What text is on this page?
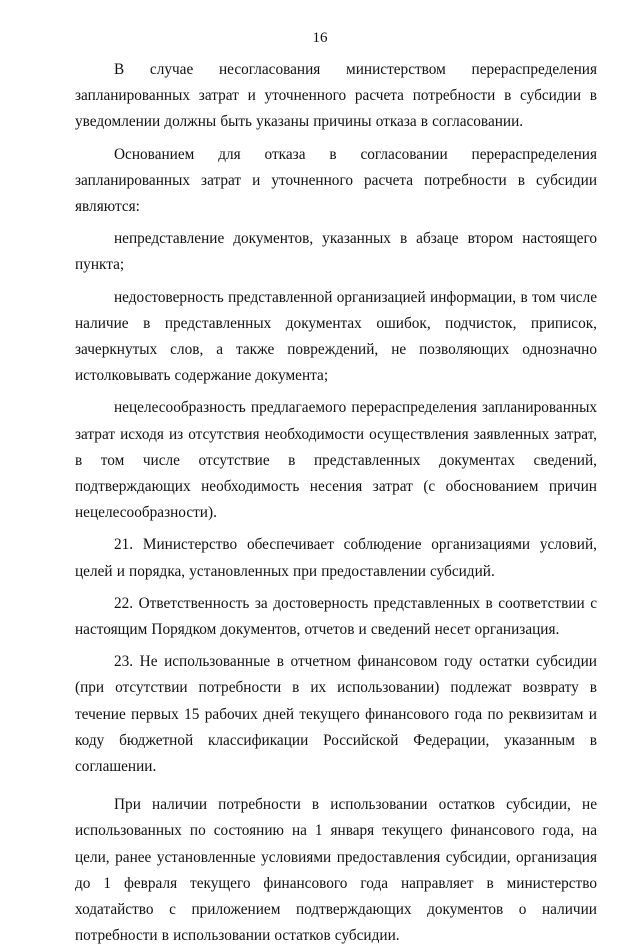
16

В случае несогласования министерством перераспределения запланированных затрат и уточненного расчета потребности в субсидии в уведомлении должны быть указаны причины отказа в согласовании.

Основанием для отказа в согласовании перераспределения запланированных затрат и уточненного расчета потребности в субсидии являются:

непредставление документов, указанных в абзаце втором настоящего пункта;

недостоверность представленной организацией информации, в том числе наличие в представленных документах ошибок, подчисток, приписок, зачеркнутых слов, а также повреждений, не позволяющих однозначно истолковывать содержание документа;

нецелесообразность предлагаемого перераспределения запланированных затрат исходя из отсутствия необходимости осуществления заявленных затрат, в том числе отсутствие в представленных документах сведений, подтверждающих необходимость несения затрат (с обоснованием причин нецелесообразности).

21. Министерство обеспечивает соблюдение организациями условий, целей и порядка, установленных при предоставлении субсидий.

22. Ответственность за достоверность представленных в соответствии с настоящим Порядком документов, отчетов и сведений несет организация.

23. Не использованные в отчетном финансовом году остатки субсидии (при отсутствии потребности в их использовании) подлежат возврату в течение первых 15 рабочих дней текущего финансового года по реквизитам и коду бюджетной классификации Российской Федерации, указанным в соглашении.

При наличии потребности в использовании остатков субсидии, не использованных по состоянию на 1 января текущего финансового года, на цели, ранее установленные условиями предоставления субсидии, организация до 1 февраля текущего финансового года направляет в министерство ходатайство с приложением подтверждающих документов о наличии потребности в использовании остатков субсидии.
